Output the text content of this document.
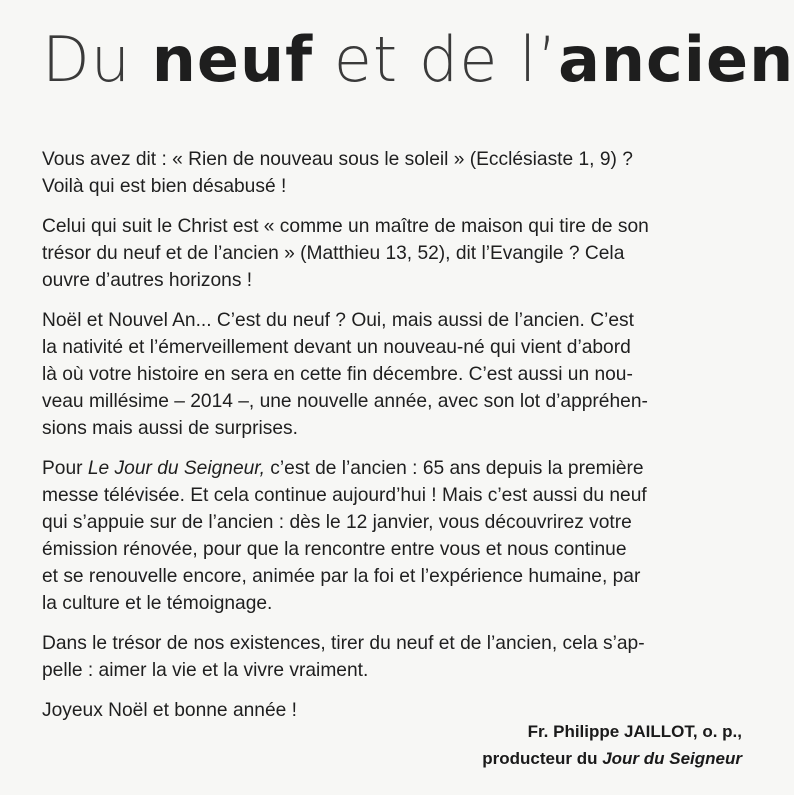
Du neuf et de l’ancien

Vous avez dit : « Rien de nouveau sous le soleil » (Ecclésiaste 1, 9) ?
Voilà qui est bien désabusé !

Celui qui suit le Christ est « comme un maître de maison qui tire de son
trésor du neuf et de l’ancien » (Matthieu 13, 52), dit l’Evangile ? Cela
ouvre d’autres horizons !

Noël et Nouvel An... C’est du neuf ? Oui, mais aussi de l’ancien. C’est
la nativité et l’émerveillement devant un nouveau-né qui vient d’abord
là où votre histoire en sera en cette fin décembre. C’est aussi un nou-
veau millésime – 2014 –, une nouvelle année, avec son lot d’appréhen-
sions mais aussi de surprises.

Pour Le Jour du Seigneur, c’est de l’ancien : 65 ans depuis la première
messe télévisée. Et cela continue aujourd’hui ! Mais c’est aussi du neuf
qui s’appuie sur de l’ancien : dès le 12 janvier, vous découvrirez votre
émission rénovée, pour que la rencontre entre vous et nous continue
et se renouvelle encore, animée par la foi et l’expérience humaine, par
la culture et le témoignage.

Dans le trésor de nos existences, tirer du neuf et de l’ancien, cela s’ap-
pelle : aimer la vie et la vivre vraiment.

Joyeux Noël et bonne année !

Fr. Philippe JAILLOT, o. p.,
producteur du Jour du Seigneur
